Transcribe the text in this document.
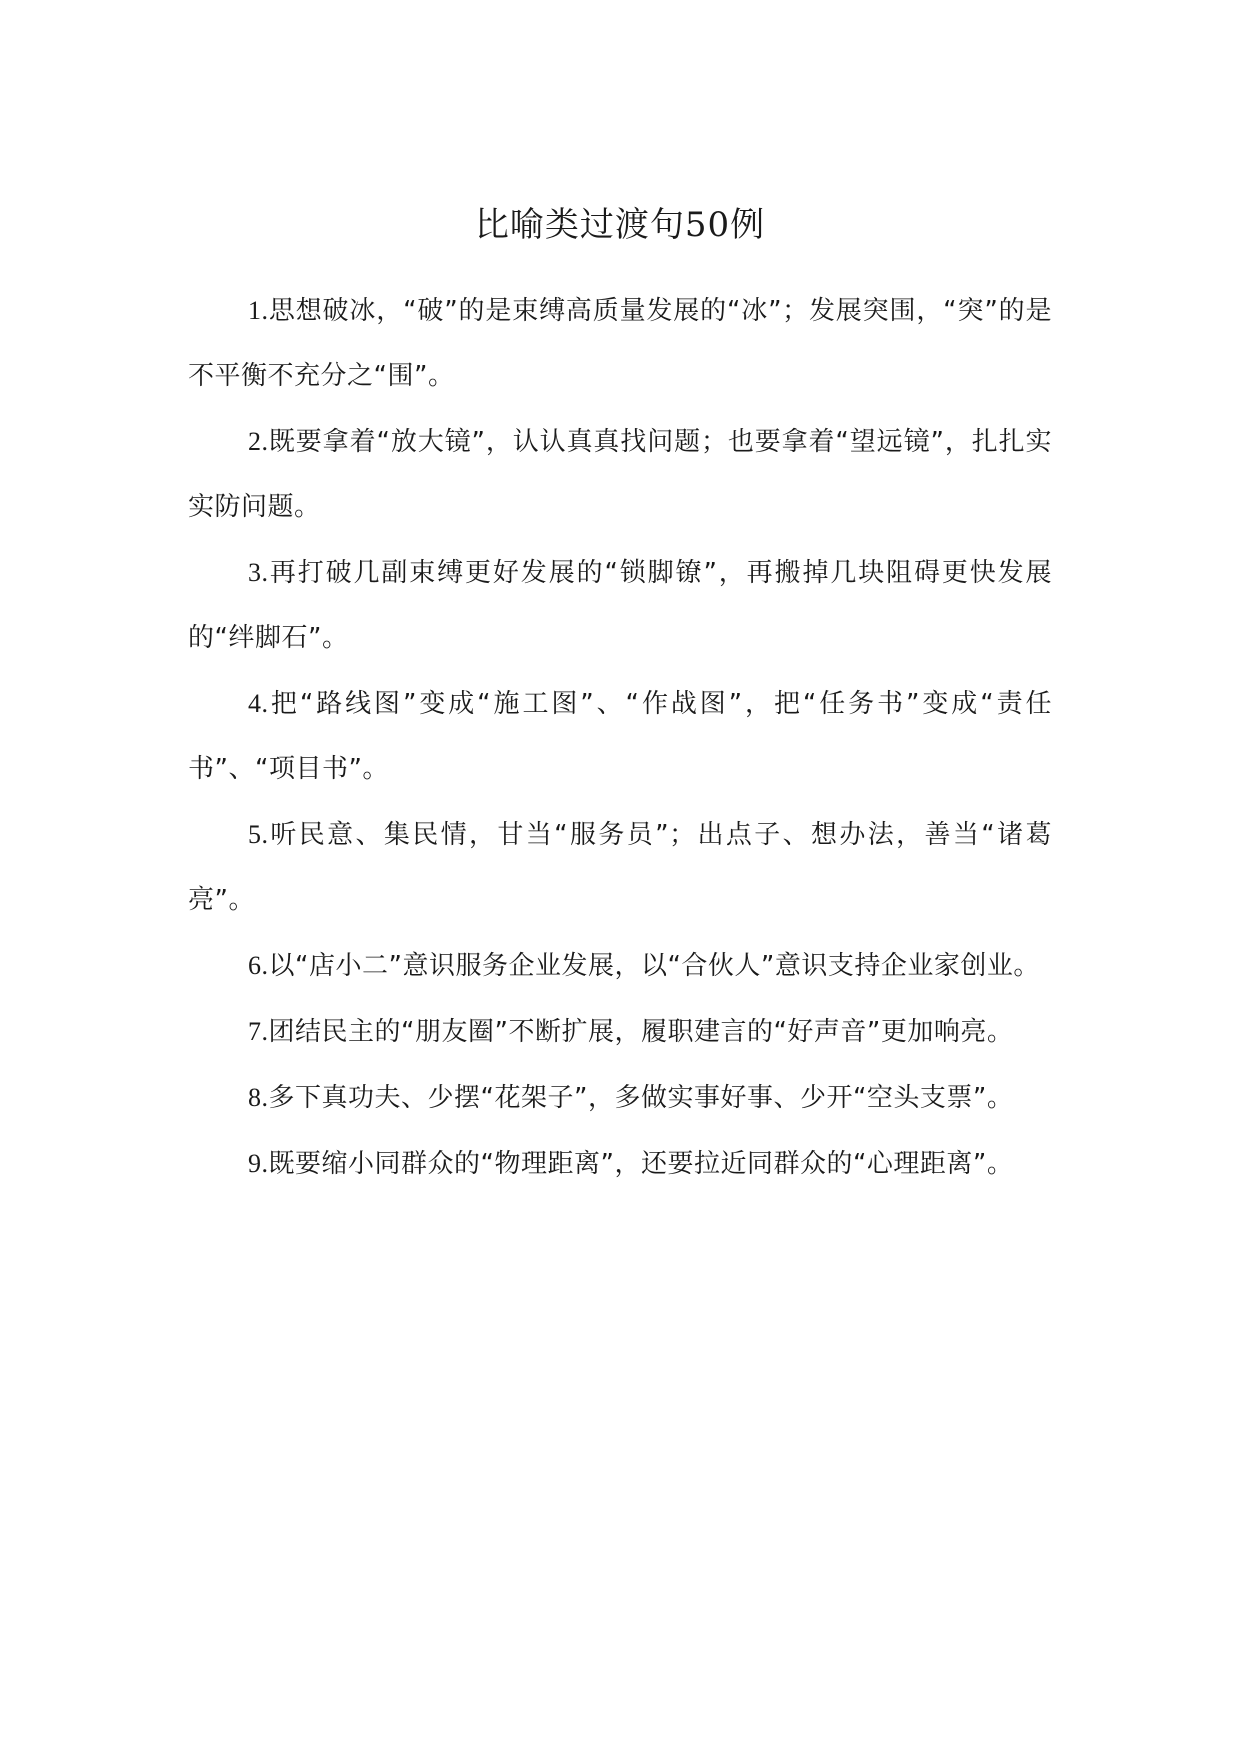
比喻类过渡句50例

1.思想破冰，“破”的是束缚高质量发展的“冰”；发展突围，“突”的是不平衡不充分之“围”。

2.既要拿着“放大镜”，认认真真找问题；也要拿着“望远镜”，扎扎实实防问题。

3.再打破几副束缚更好发展的“锁脚镣”，再搬掉几块阻碍更快发展的“绊脚石”。

4.把“路线图”变成“施工图”、“作战图”，把“任务书”变成“责任书”、“项目书”。

5.听民意、集民情，甘当“服务员”；出点子、想办法，善当“诸葛亮”。

6.以“店小二”意识服务企业发展，以“合伙人”意识支持企业家创业。

7.团结民主的“朋友圈”不断扩展，履职建言的“好声音”更加响亮。

8.多下真功夫、少摆“花架子”，多做实事好事、少开“空头支票”。

9.既要缩小同群众的“物理距离”，还要拉近同群众的“心理距离”。
